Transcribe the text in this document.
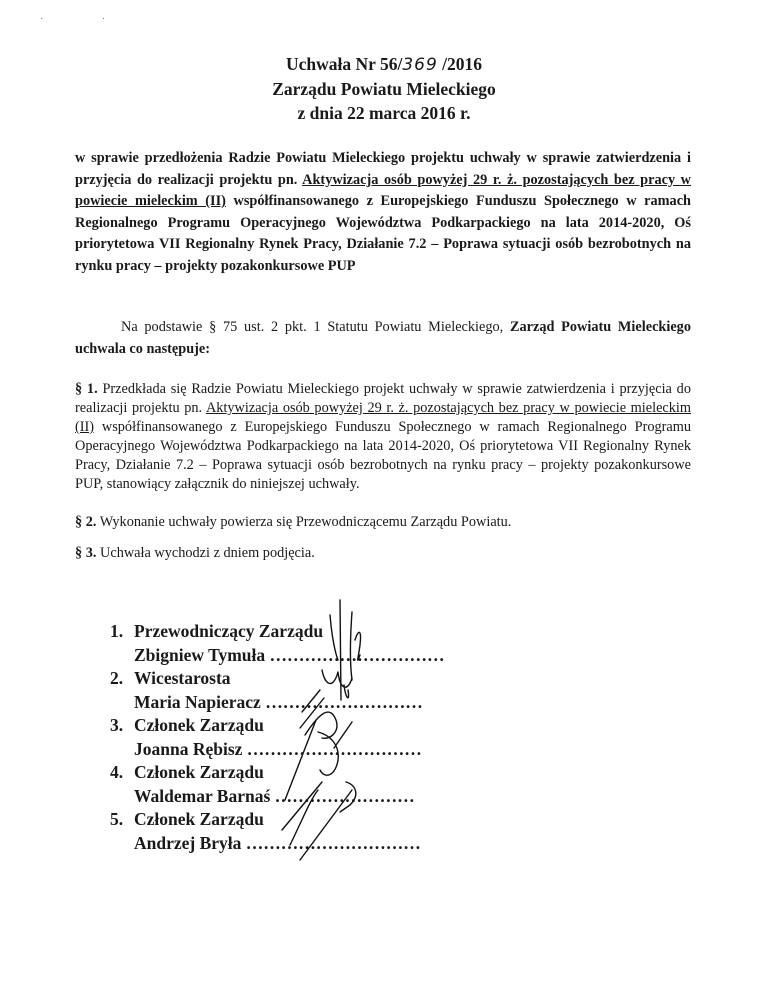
· ·
Uchwała Nr 56/369 /2016
Zarządu Powiatu Mieleckiego
z dnia 22 marca 2016 r.
w sprawie przedłożenia Radzie Powiatu Mieleckiego projektu uchwały w sprawie zatwierdzenia i przyjęcia do realizacji projektu pn. Aktywizacja osób powyżej 29 r. ż. pozostających bez pracy w powiecie mieleckim (II) współfinansowanego z Europejskiego Funduszu Społecznego w ramach Regionalnego Programu Operacyjnego Województwa Podkarpackiego na lata 2014-2020, Oś priorytetowa VII Regionalny Rynek Pracy, Działanie 7.2 – Poprawa sytuacji osób bezrobotnych na rynku pracy – projekty pozakonkursowe PUP
Na podstawie § 75 ust. 2 pkt. 1 Statutu Powiatu Mieleckiego, Zarząd Powiatu Mieleckiego uchwala co następuje:
§ 1. Przedkłada się Radzie Powiatu Mieleckiego projekt uchwały w sprawie zatwierdzenia i przyjęcia do realizacji projektu pn. Aktywizacja osób powyżej 29 r. ż. pozostających bez pracy w powiecie mieleckim (II) współfinansowanego z Europejskiego Funduszu Społecznego w ramach Regionalnego Programu Operacyjnego Województwa Podkarpackiego na lata 2014-2020, Oś priorytetowa VII Regionalny Rynek Pracy, Działanie 7.2 – Poprawa sytuacji osób bezrobotnych na rynku pracy – projekty pozakonkursowe PUP, stanowiący załącznik do niniejszej uchwały.
§ 2. Wykonanie uchwały powierza się Przewodniczącemu Zarządu Powiatu.
§ 3. Uchwała wychodzi z dniem podjęcia.
1. Przewodniczący Zarządu
Zbigniew Tymuła …………………………
2. Wicestarosta
Maria Napieracz ………………………
3. Członek Zarządu
Joanna Rębisz …………………………
4. Członek Zarządu
Waldemar Barnaś ……………………
5. Członek Zarządu
Andrzej Bryła …………………………
